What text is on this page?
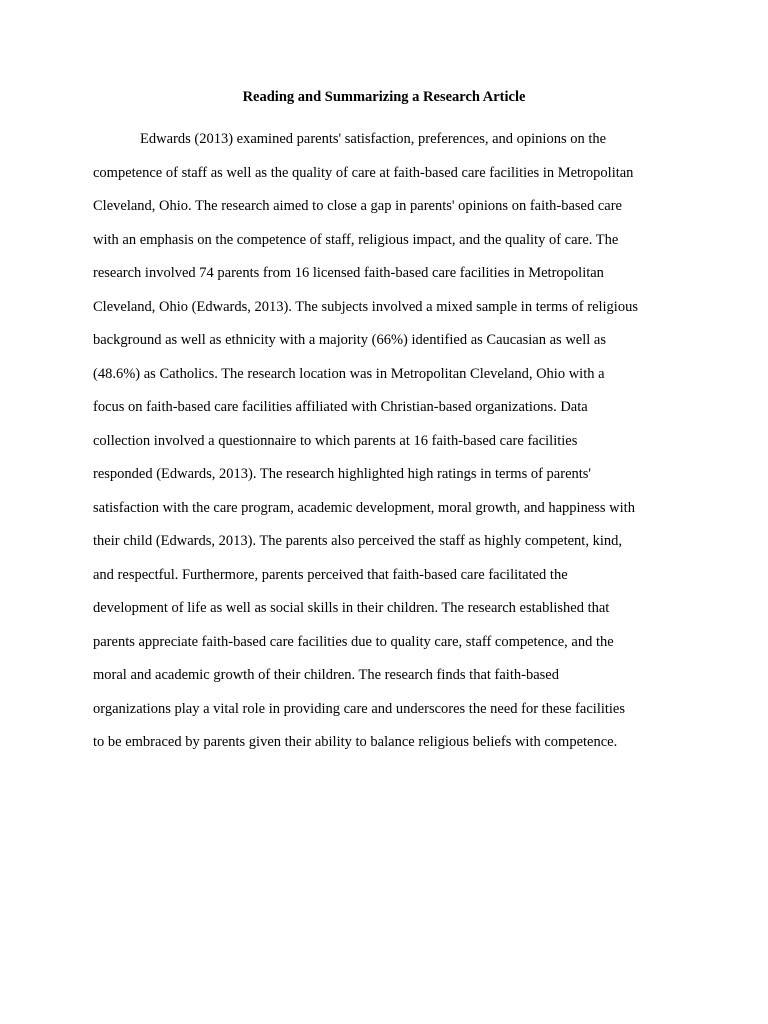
Reading and Summarizing a Research Article
Edwards (2013) examined parents' satisfaction, preferences, and opinions on the
competence of staff as well as the quality of care at faith-based care facilities in Metropolitan
Cleveland, Ohio. The research aimed to close a gap in parents' opinions on faith-based care
with an emphasis on the competence of staff, religious impact, and the quality of care. The
research involved 74 parents from 16 licensed faith-based care facilities in Metropolitan
Cleveland, Ohio (Edwards, 2013). The subjects involved a mixed sample in terms of religious
background as well as ethnicity with a majority (66%) identified as Caucasian as well as
(48.6%) as Catholics. The research location was in Metropolitan Cleveland, Ohio with a
focus on faith-based care facilities affiliated with Christian-based organizations. Data
collection involved a questionnaire to which parents at 16 faith-based care facilities
responded (Edwards, 2013). The research highlighted high ratings in terms of parents'
satisfaction with the care program, academic development, moral growth, and happiness with
their child (Edwards, 2013). The parents also perceived the staff as highly competent, kind,
and respectful. Furthermore, parents perceived that faith-based care facilitated the
development of life as well as social skills in their children. The research established that
parents appreciate faith-based care facilities due to quality care, staff competence, and the
moral and academic growth of their children. The research finds that faith-based
organizations play a vital role in providing care and underscores the need for these facilities
to be embraced by parents given their ability to balance religious beliefs with competence.
